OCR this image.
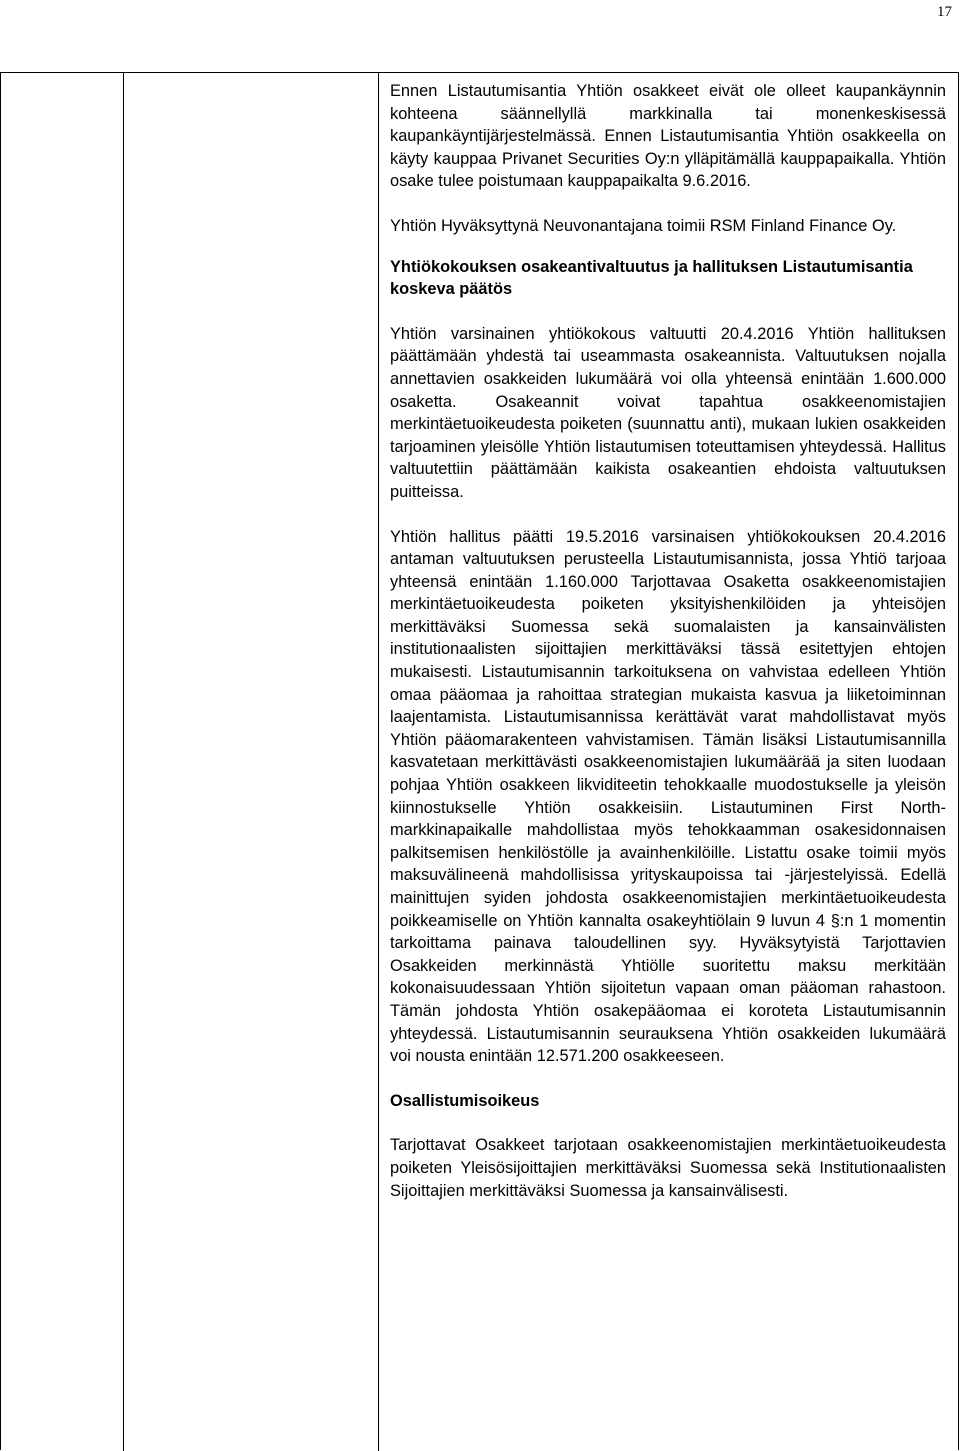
17

Ennen Listautumisantia Yhtiön osakkeet eivät ole olleet kaupankäynnin kohteena säännellyllä markkinalla tai monenkeskisessä kaupankäyntijärjestelmässä. Ennen Listautumisantia Yhtiön osakkeella on käyty kauppaa Privanet Securities Oy:n ylläpitämällä kauppapaikalla. Yhtiön osake tulee poistumaan kauppapaikalta 9.6.2016.

Yhtiön Hyväksyttynä Neuvonantajana toimii RSM Finland Finance Oy.

Yhtiökokouksen osakeantivaltuutus ja hallituksen Listautumisantia koskeva päätös

Yhtiön varsinainen yhtiökokous valtuutti 20.4.2016 Yhtiön hallituksen päättämään yhdestä tai useammasta osakeannista. Valtuutuksen nojalla annettavien osakkeiden lukumäärä voi olla yhteensä enintään 1.600.000 osaketta. Osakeannit voivat tapahtua osakkeenomistajien merkintäetuoikeudesta poiketen (suunnattu anti), mukaan lukien osakkeiden tarjoaminen yleisölle Yhtiön listautumisen toteuttamisen yhteydessä. Hallitus valtuutettiin päättämään kaikista osakeantien ehdoista valtuutuksen puitteissa.

Yhtiön hallitus päätti 19.5.2016 varsinaisen yhtiökokouksen 20.4.2016 antaman valtuutuksen perusteella Listautumisannista, jossa Yhtiö tarjoaa yhteensä enintään 1.160.000 Tarjottavaa Osaketta osakkeenomistajien merkintäetuoikeudesta poiketen yksityishenkilöiden ja yhteisöjen merkittäväksi Suomessa sekä suomalaisten ja kansainvälisten institutionaalisten sijoittajien merkittäväksi tässä esitettyjen ehtojen mukaisesti. Listautumisannin tarkoituksena on vahvistaa edelleen Yhtiön omaa pääomaa ja rahoittaa strategian mukaista kasvua ja liiketoiminnan laajentamista. Listautumisannissa kerättävät varat mahdollistavat myös Yhtiön pääomarakenteen vahvistamisen. Tämän lisäksi Listautumisannilla kasvatetaan merkittävästi osakkeenomistajien lukumäärää ja siten luodaan pohjaa Yhtiön osakkeen likviditeetin tehokkaalle muodostukselle ja yleisön kiinnostukselle Yhtiön osakkeisiin. Listautuminen First North-markkinapaikalle mahdollistaa myös tehokkaamman osakesidonnaisen palkitsemisen henkilöstölle ja avainhenkilöille. Listattu osake toimii myös maksuvälineenä mahdollisissa yrityskaupoissa tai -järjestelyissä. Edellä mainittujen syiden johdosta osakkeenomistajien merkintäetuoikeudesta poikkeamiselle on Yhtiön kannalta osakeyhtiölain 9 luvun 4 §:n 1 momentin tarkoittama painava taloudellinen syy. Hyväksytyistä Tarjottavien Osakkeiden merkinnästä Yhtiölle suoritettu maksu merkitään kokonaisuudessaan Yhtiön sijoitetun vapaan oman pääoman rahastoon. Tämän johdosta Yhtiön osakepääomaa ei koroteta Listautumisannin yhteydessä. Listautumisannin seurauksena Yhtiön osakkeiden lukumäärä voi nousta enintään 12.571.200 osakkeeseen.

Osallistumisoikeus

Tarjottavat Osakkeet tarjotaan osakkeenomistajien merkintäetuoikeudesta poiketen Yleisösijoittajien merkittäväksi Suomessa sekä Institutionaalisten Sijoittajien merkittäväksi Suomessa ja kansainvälisesti.
